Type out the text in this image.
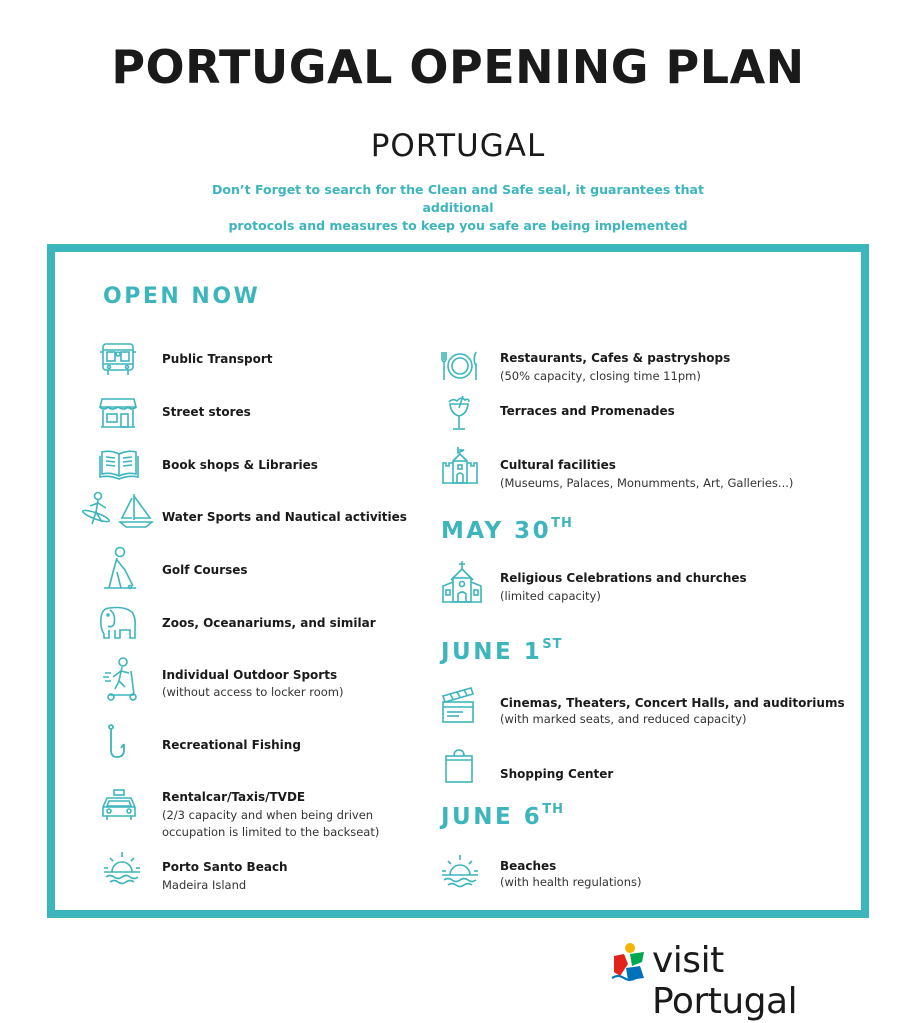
PORTUGAL OPENING PLAN
PORTUGAL
Don’t Forget to search for the Clean and Safe seal, it guarantees that additional
protocols and measures to keep you safe are being implemented
OPEN NOW
Public Transport
Street stores
Book shops & Libraries
Water Sports and Nautical activities
Golf Courses
Zoos, Oceanariums, and similar
Individual Outdoor Sports
(without access to locker room)
Recreational Fishing
Rentalcar/Taxis/TVDE
(2/3 capacity and when being driven
occupation is limited to the backseat)
Porto Santo Beach
Madeira Island
Restaurants, Cafes & pastryshops
(50% capacity, closing time 11pm)
Terraces and Promenades
Cultural facilities
(Museums, Palaces, Monumments, Art, Galleries...)
MAY 30TH
Religious Celebrations and churches
(limited capacity)
JUNE 1ST
Cinemas, Theaters, Concert Halls, and auditoriums
(with marked seats, and reduced capacity)
Shopping Center
JUNE 6TH
Beaches
(with health regulations)
visit Portugal
